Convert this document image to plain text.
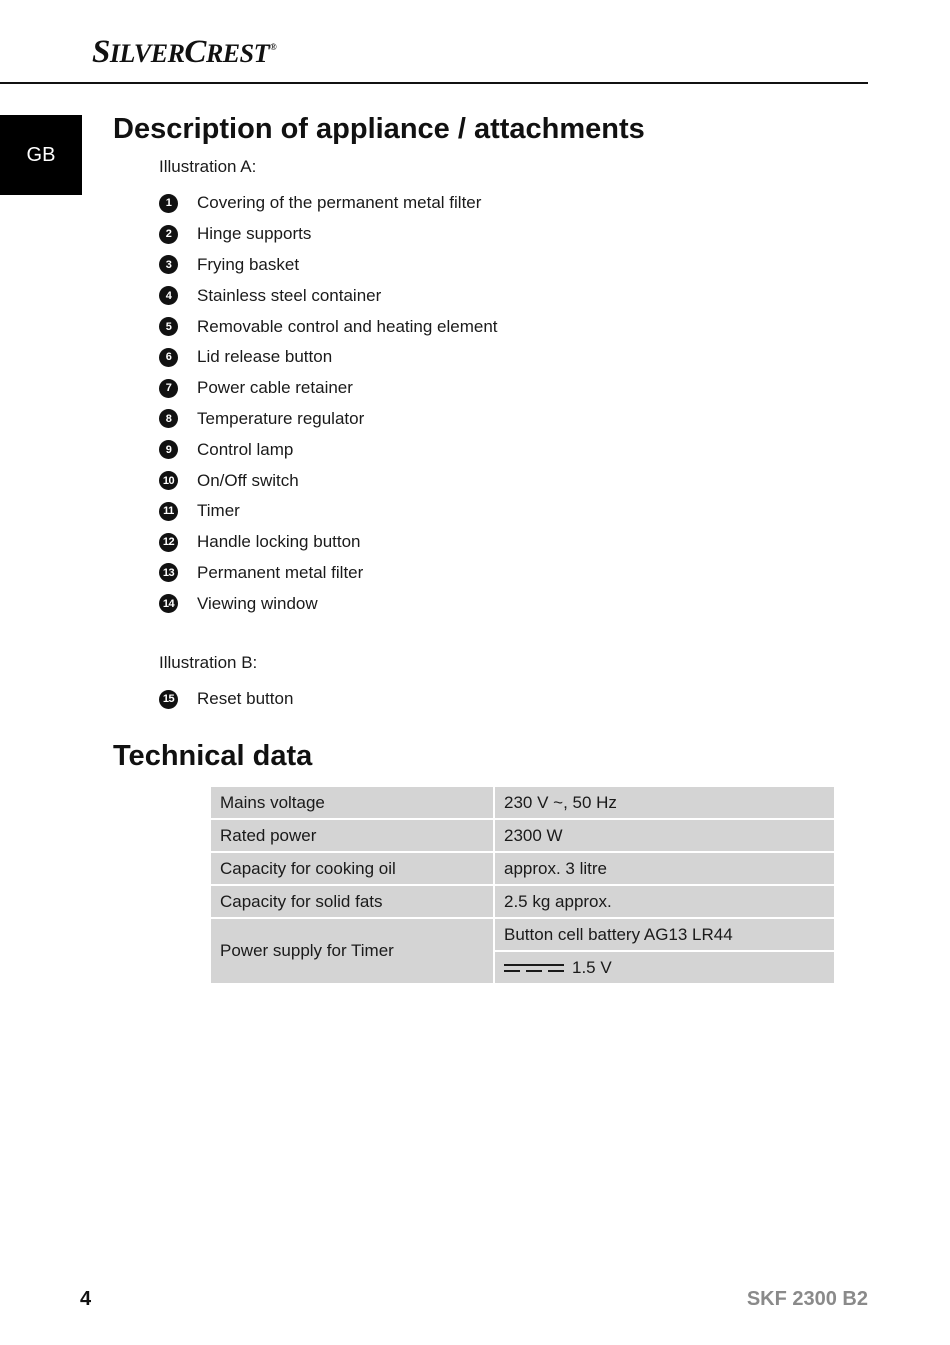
SILVERCREST®
GB
Description of appliance / attachments
Illustration A:
1	Covering of the permanent metal filter
2	Hinge supports
3	Frying basket
4	Stainless steel container
5	Removable control and heating element
6	Lid release button
7	Power cable retainer
8	Temperature regulator
9	Control lamp
10 On/Off switch
11 Timer
12 Handle locking button
13 Permanent metal filter
14 Viewing window
Illustration B:
15 Reset button
Technical data
Mains voltage	230 V ~, 50 Hz
Rated power	2300 W
Capacity for cooking oil	approx. 3 litre
Capacity for solid fats	2.5 kg approx.
Power supply for Timer	Button cell battery AG13 LR44
	1.5 V
4	SKF 2300 B2
